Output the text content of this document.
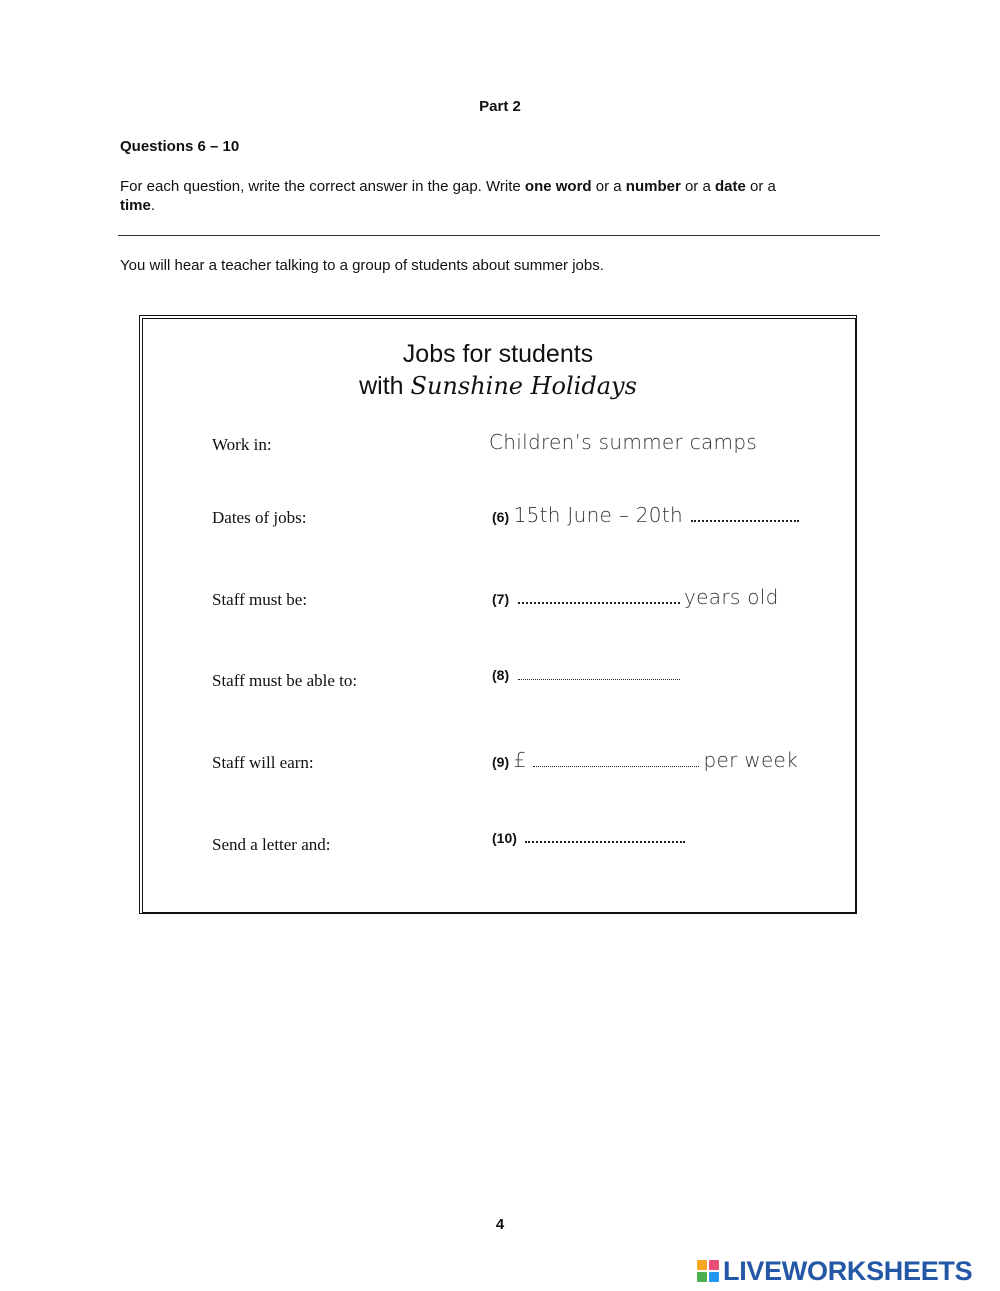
Part 2
Questions 6 – 10
For each question, write the correct answer in the gap. Write one word or a number or a date or a
time.
You will hear a teacher talking to a group of students about summer jobs.
Jobs for students
with Sunshine Holidays
Work in:	Children’s summer camps
Dates of jobs:	(6) 15th June – 20th
Staff must be:	(7)	years old
Staff must be able to:	(8)
Staff will earn:	(9) £	per week
Send a letter and:	(10)
4
LIVEWORKSHEETS
